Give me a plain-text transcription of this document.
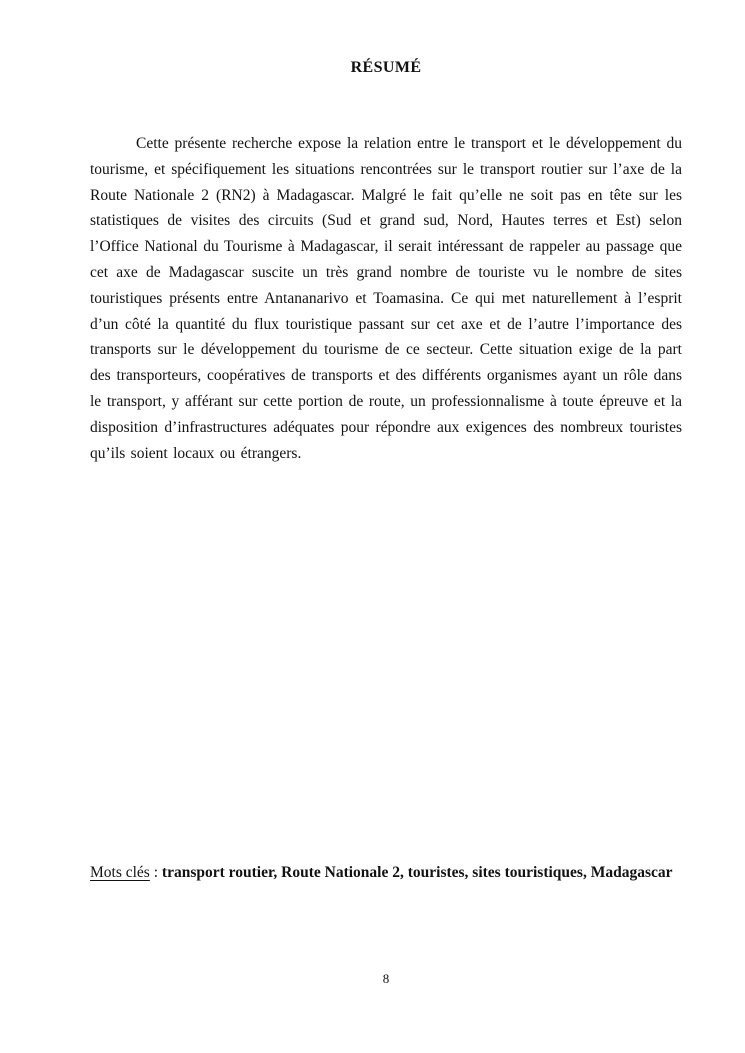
RÉSUMÉ

Cette présente recherche expose la relation entre le transport et le développement du tourisme, et spécifiquement les situations rencontrées sur le transport routier sur l’axe de la Route Nationale 2 (RN2) à Madagascar. Malgré le fait qu’elle ne soit pas en tête sur les statistiques de visites des circuits (Sud et grand sud, Nord, Hautes terres et Est) selon l’Office National du Tourisme à Madagascar, il serait intéressant de rappeler au passage que cet axe de Madagascar suscite un très grand nombre de touriste vu le nombre de sites touristiques présents entre Antananarivo et Toamasina. Ce qui met naturellement à l’esprit d’un côté la quantité du flux touristique passant sur cet axe et de l’autre l’importance des transports sur le développement du tourisme de ce secteur. Cette situation exige de la part des transporteurs, coopératives de transports et des différents organismes ayant un rôle dans le transport, y afférant sur cette portion de route, un professionnalisme à toute épreuve et la disposition d’infrastructures adéquates pour répondre aux exigences des nombreux touristes qu’ils soient locaux ou étrangers.

Mots clés : transport routier, Route Nationale 2, touristes, sites touristiques, Madagascar

8
